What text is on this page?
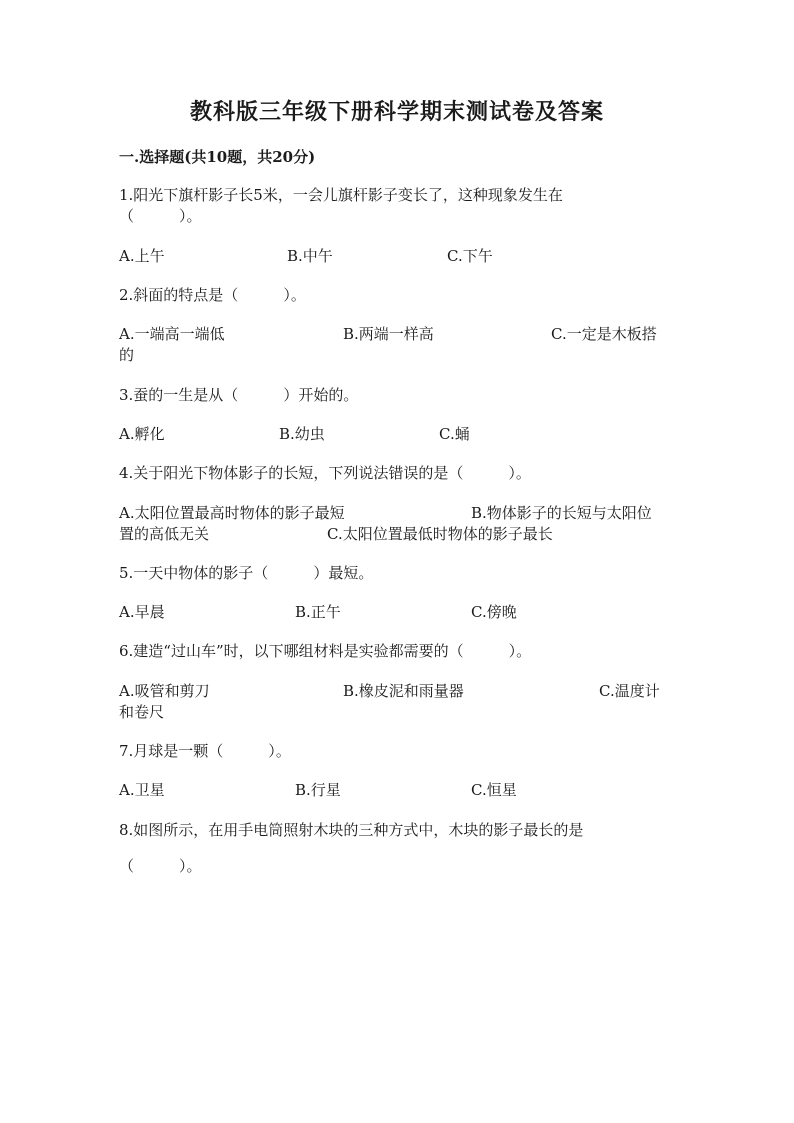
教科版三年级下册科学期末测试卷及答案
一.选择题(共10题，共20分)
1.阳光下旗杆影子长5米，一会儿旗杆影子变长了，这种现象发生在
（　　　）。
A.上午	B.中午	C.下午
2.斜面的特点是（　　　）。
A.一端高一端低	B.两端一样高	C.一定是木板搭
的
3.蚕的一生是从（　　　）开始的。
A.孵化	B.幼虫	C.蛹
4.关于阳光下物体影子的长短，下列说法错误的是（　　　）。
A.太阳位置最高时物体的影子最短	B.物体影子的长短与太阳位
置的高低无关	C.太阳位置最低时物体的影子最长
5.一天中物体的影子（　　　）最短。
A.早晨	B.正午	C.傍晚
6.建造“过山车”时，以下哪组材料是实验都需要的（　　　）。
A.吸管和剪刀	B.橡皮泥和雨量器	C.温度计
和卷尺
7.月球是一颗（　　　）。
A.卫星	B.行星	C.恒星
8.如图所示，在用手电筒照射木块的三种方式中，木块的影子最长的是
（　　　）。
